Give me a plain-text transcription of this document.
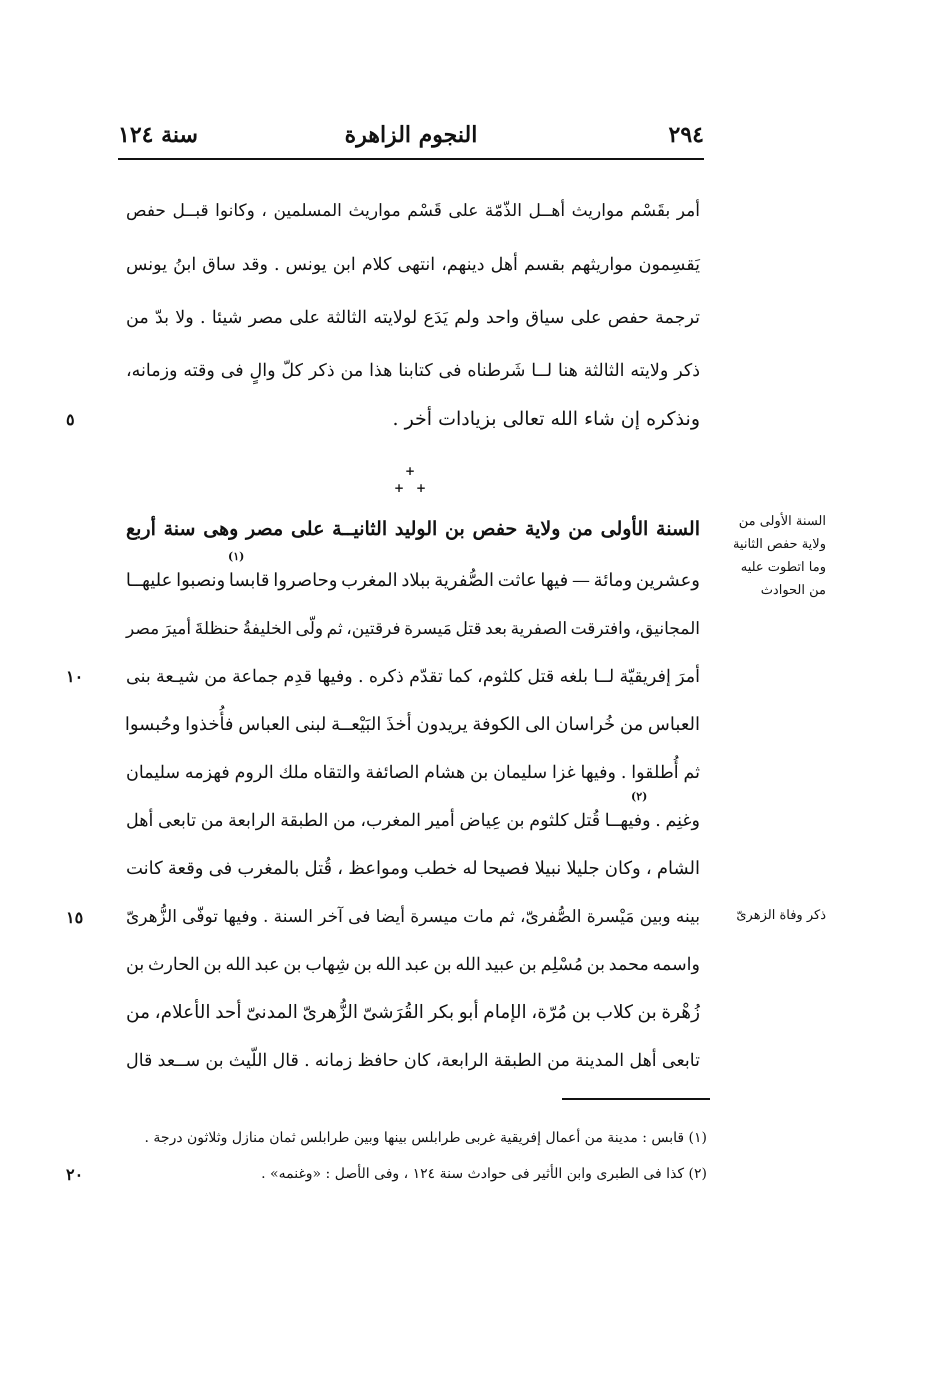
٢٩٤
النجوم الزاهرة
سنة ١٢٤
أمر بقَسْم مواريث أهــل الذّمّة على قَسْم مواريث المسلمين ، وكانوا قبــل حفص
يَقسِمون مواريثهم بقسم أهل دينهم، انتهى كلام ابن يونس . وقد ساق ابنُ يونس
ترجمة حفص على سياق واحد ولم يَدَع لولايته الثالثة على مصر شيئا . ولا بدّ من
ذكر ولايته الثالثة هنا لــا شَرطناه فى كتابنا هذا من ذكر كلّ والٍ فى وقته وزمانه،
ونذكره إن شاء الله تعالى بزيادات أخر .
٥
+
+ +
السنة الأولى من ولاية حفص بن الوليد الثانيــة على مصر وهى سنة أربع
وعشرين ومائة — فيها عاثت الصُّفرية ببلاد المغرب وحاصروا قابسا ونصبوا عليهــا
المجانيق، وافترقت الصفرية بعد قتل مَيسرة فرقتين، ثم ولّى الخليفةُ حنظلةَ أميرَ مصر
أمرَ إفريقيّة لــا بلغه قتل كلثوم، كما تقدّم ذكره . وفيها قدِم جماعة من شيـعة بنى
العباس من خُراسان الى الكوفة يريدون أخذَ البَيْعــة لبنى العباس فأُخذوا وحُبسوا
ثم أُطلقوا . وفيها غزا سليمان بن هشام الصائفة والتقاه ملك الروم فهزمه سليمان
وغنِم . وفيهــا قُتل كلثوم بن عِياض أمير المغرب، من الطبقة الرابعة من تابعى أهل
الشام ، وكان جليلا نبيلا فصيحا له خطب ومواعظ ، قُتل بالمغرب فى وقعة كانت
بينه وبين مَيْسرة الصُّفرىّ، ثم مات ميسرة أيضا فى آخر السنة . وفيها توفّى الزُّهرىّ
واسمه محمد بن مُسْلِم بن عبيد الله بن عبد الله بن شِهاب بن عبد الله بن الحارث بن
زُهْرة بن كلاب بن مُرّة، الإمام أبو بكر القُرَشىّ الزُّهرىّ المدنىّ أحد الأعلام، من
تابعى أهل المدينة من الطبقة الرابعة، كان حافظ زمانه . قال اللّيث بن ســعد قال
(١)
(٢)
السنة الأولى من
ولاية حفص الثانية
وما اتطوت عليه
من الحوادث
ذكر وفاة الزهرىّ
١٠
١٥
(١) قابس : مدينة من أعمال إفريقية غربى طرابلس بينها وبين طرابلس ثمان منازل وثلاثون درجة .
(٢) كذا فى الطبرى وابن الأثير فى حوادث سنة ١٢٤ ، وفى الأصل : «وغنمه» .
٢٠
